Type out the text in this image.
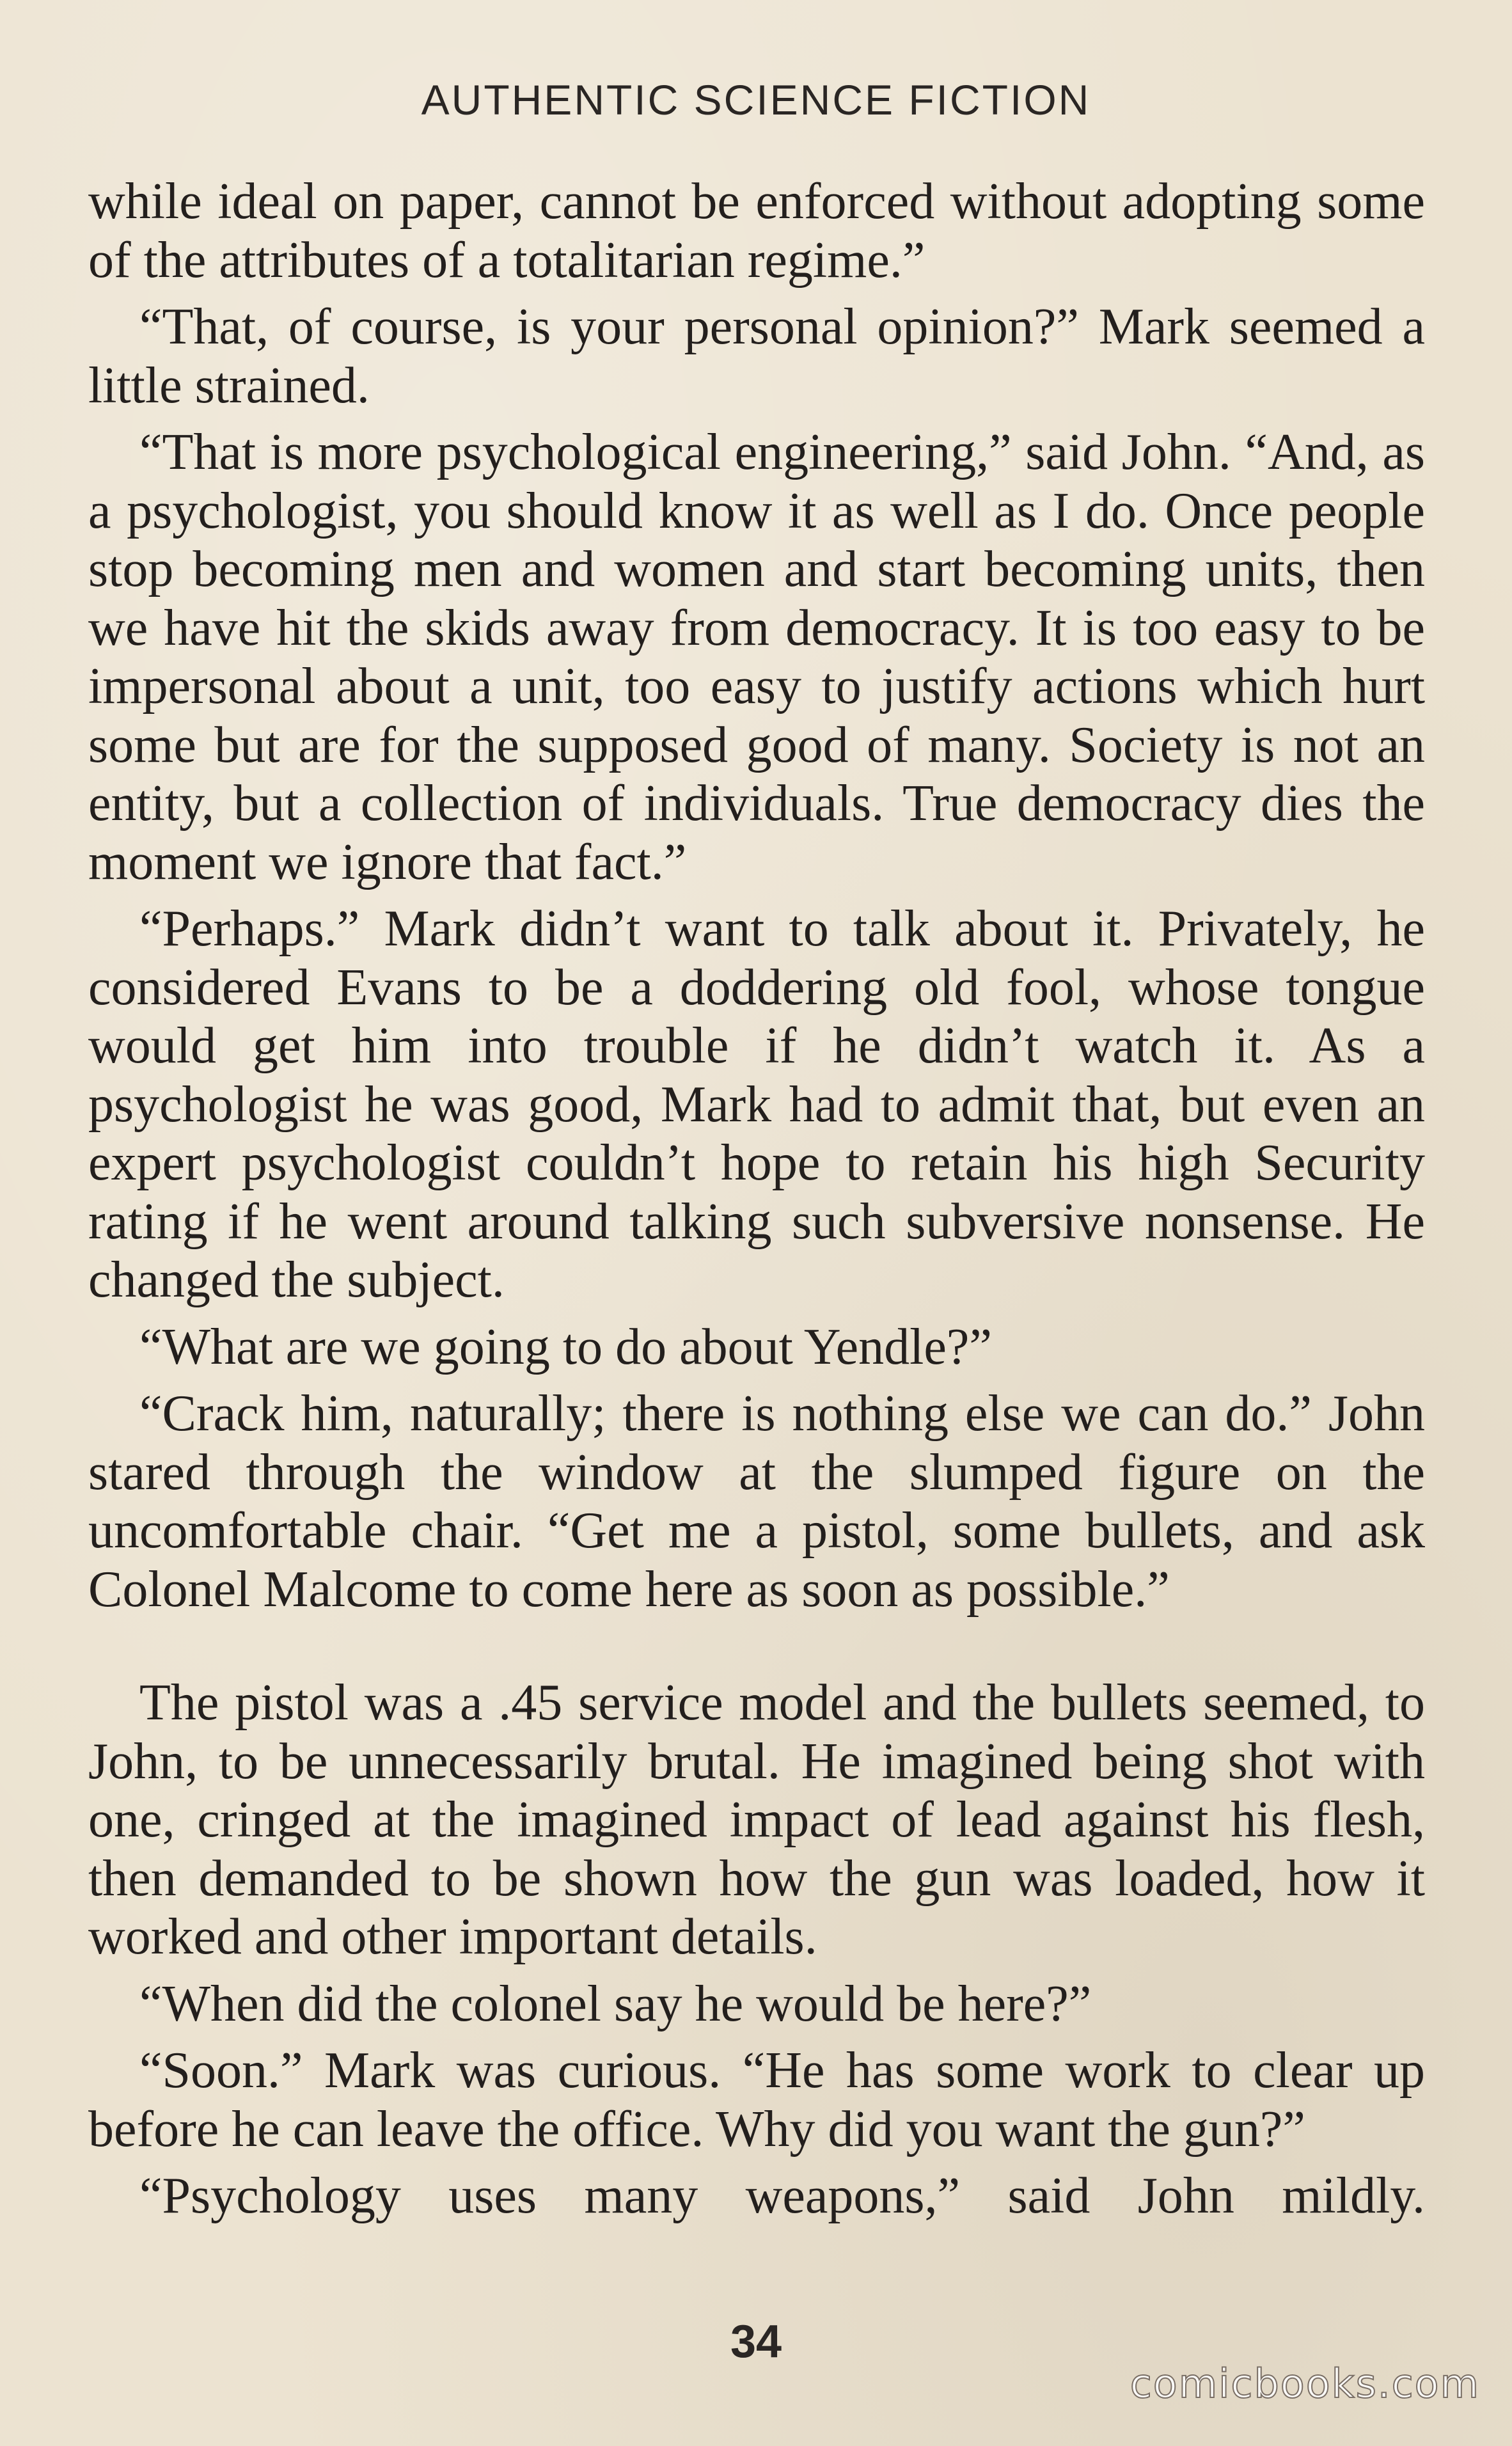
AUTHENTIC SCIENCE FICTION

while ideal on paper, cannot be enforced without adopting some of the attributes of a totalitarian regime.”

“That, of course, is your personal opinion?” Mark seemed a little strained.

“That is more psychological engineering,” said John. “And, as a psychologist, you should know it as well as I do. Once people stop becoming men and women and start becoming units, then we have hit the skids away from democracy. It is too easy to be impersonal about a unit, too easy to justify actions which hurt some but are for the supposed good of many. Society is not an entity, but a collection of individuals. True democracy dies the moment we ignore that fact.”

“Perhaps.” Mark didn’t want to talk about it. Privately, he considered Evans to be a doddering old fool, whose tongue would get him into trouble if he didn’t watch it. As a psychologist he was good, Mark had to admit that, but even an expert psychologist couldn’t hope to retain his high Security rating if he went around talking such subversive nonsense. He changed the subject.

“What are we going to do about Yendle?”

“Crack him, naturally; there is nothing else we can do.” John stared through the window at the slumped figure on the uncomfortable chair. “Get me a pistol, some bullets, and ask Colonel Malcome to come here as soon as possible.”

The pistol was a .45 service model and the bullets seemed, to John, to be unnecessarily brutal. He imagined being shot with one, cringed at the imagined impact of lead against his flesh, then demanded to be shown how the gun was loaded, how it worked and other important details.

“When did the colonel say he would be here?”

“Soon.” Mark was curious. “He has some work to clear up before he can leave the office. Why did you want the gun?”

“Psychology uses many weapons,” said John mildly.

34
comicbooks.com
